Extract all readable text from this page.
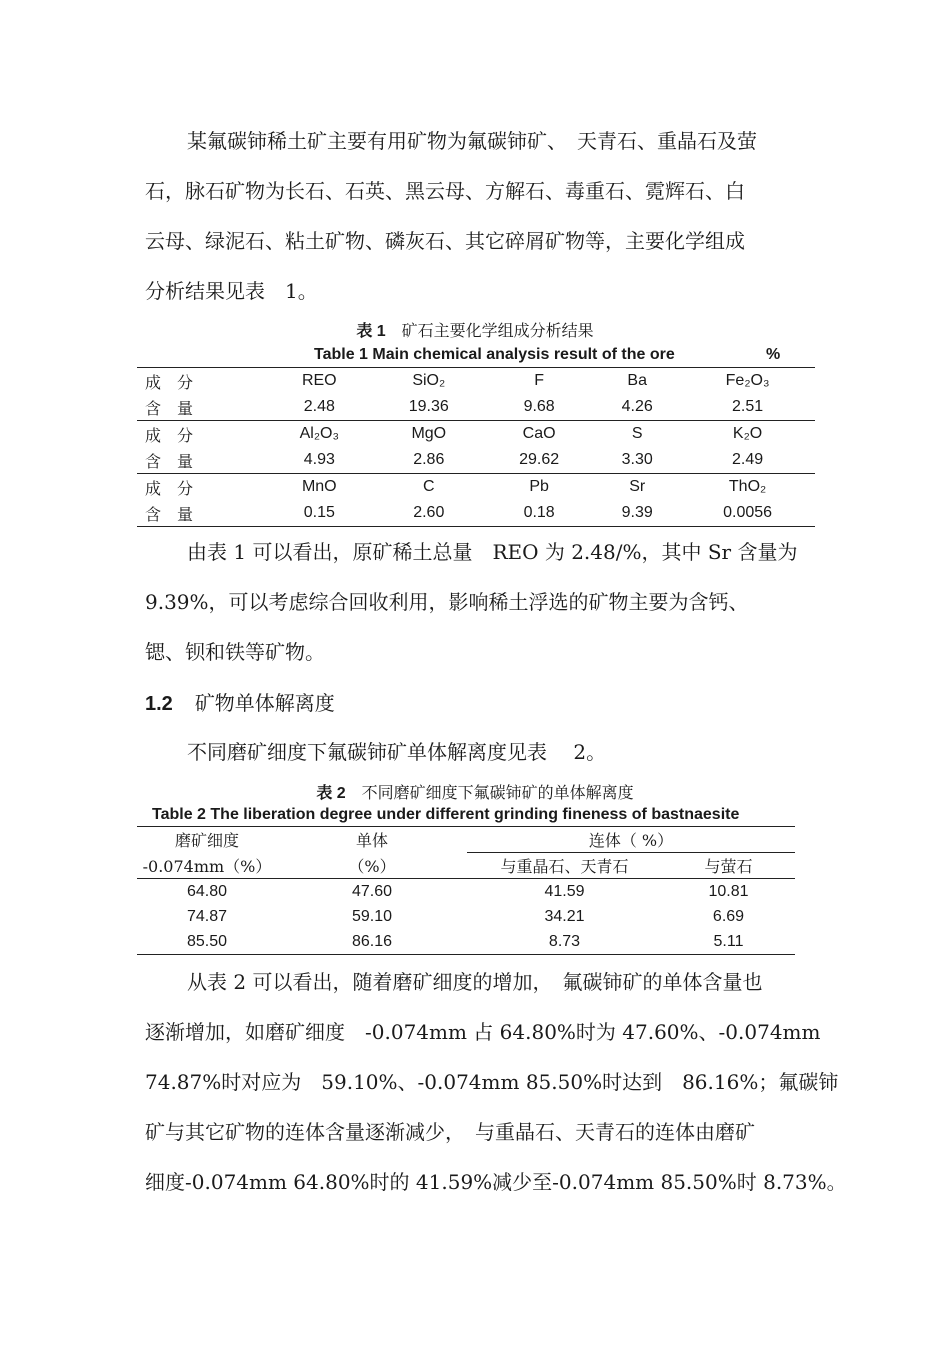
某氟碳铈稀土矿主要有用矿物为氟碳铈矿、　天青石、重晶石及萤
石，脉石矿物为长石、石英、黑云母、方解石、毒重石、霓辉石、白
云母、绿泥石、粘土矿物、磷灰石、其它碎屑矿物等，主要化学组成
分析结果见表　1。
表 1 矿石主要化学组成分析结果
Table 1 Main chemical analysis result of the ore	%
成　分	REO	SiO₂	F	Ba	Fe₂O₃
含　量	2.48	19.36	9.68	4.26	2.51
成　分	Al₂O₃	MgO	CaO	S	K₂O
含　量	4.93	2.86	29.62	3.30	2.49
成　分	MnO	C	Pb	Sr	ThO₂
含　量	0.15	2.60	0.18	9.39	0.0056
由表 1 可以看出，原矿稀土总量　REO 为 2.48/%，其中 Sr 含量为
9.39%，可以考虑综合回收利用，影响稀土浮选的矿物主要为含钙、
锶、钡和铁等矿物。
1.2 矿物单体解离度
不同磨矿细度下氟碳铈矿单体解离度见表　 2。
表 2 不同磨矿细度下氟碳铈矿的单体解离度
Table 2 The liberation degree under different grinding fineness of bastnaesite
磨矿细度	单体	连体（ %）	
-0.074mm（%）	（%）	与重晶石、天青石	与萤石
64.80	47.60	41.59	10.81
74.87	59.10	34.21	6.69
85.50	86.16	8.73	5.11
从表 2 可以看出，随着磨矿细度的增加，　氟碳铈矿的单体含量也
逐渐增加，如磨矿细度　-0.074mm 占 64.80%时为 47.60%、-0.074mm
74.87%时对应为　59.10%、-0.074mm 85.50%时达到　86.16%；氟碳铈
矿与其它矿物的连体含量逐渐减少，　与重晶石、天青石的连体由磨矿
细度-0.074mm 64.80%时的 41.59%减少至-0.074mm 85.50%时 8.73%。
